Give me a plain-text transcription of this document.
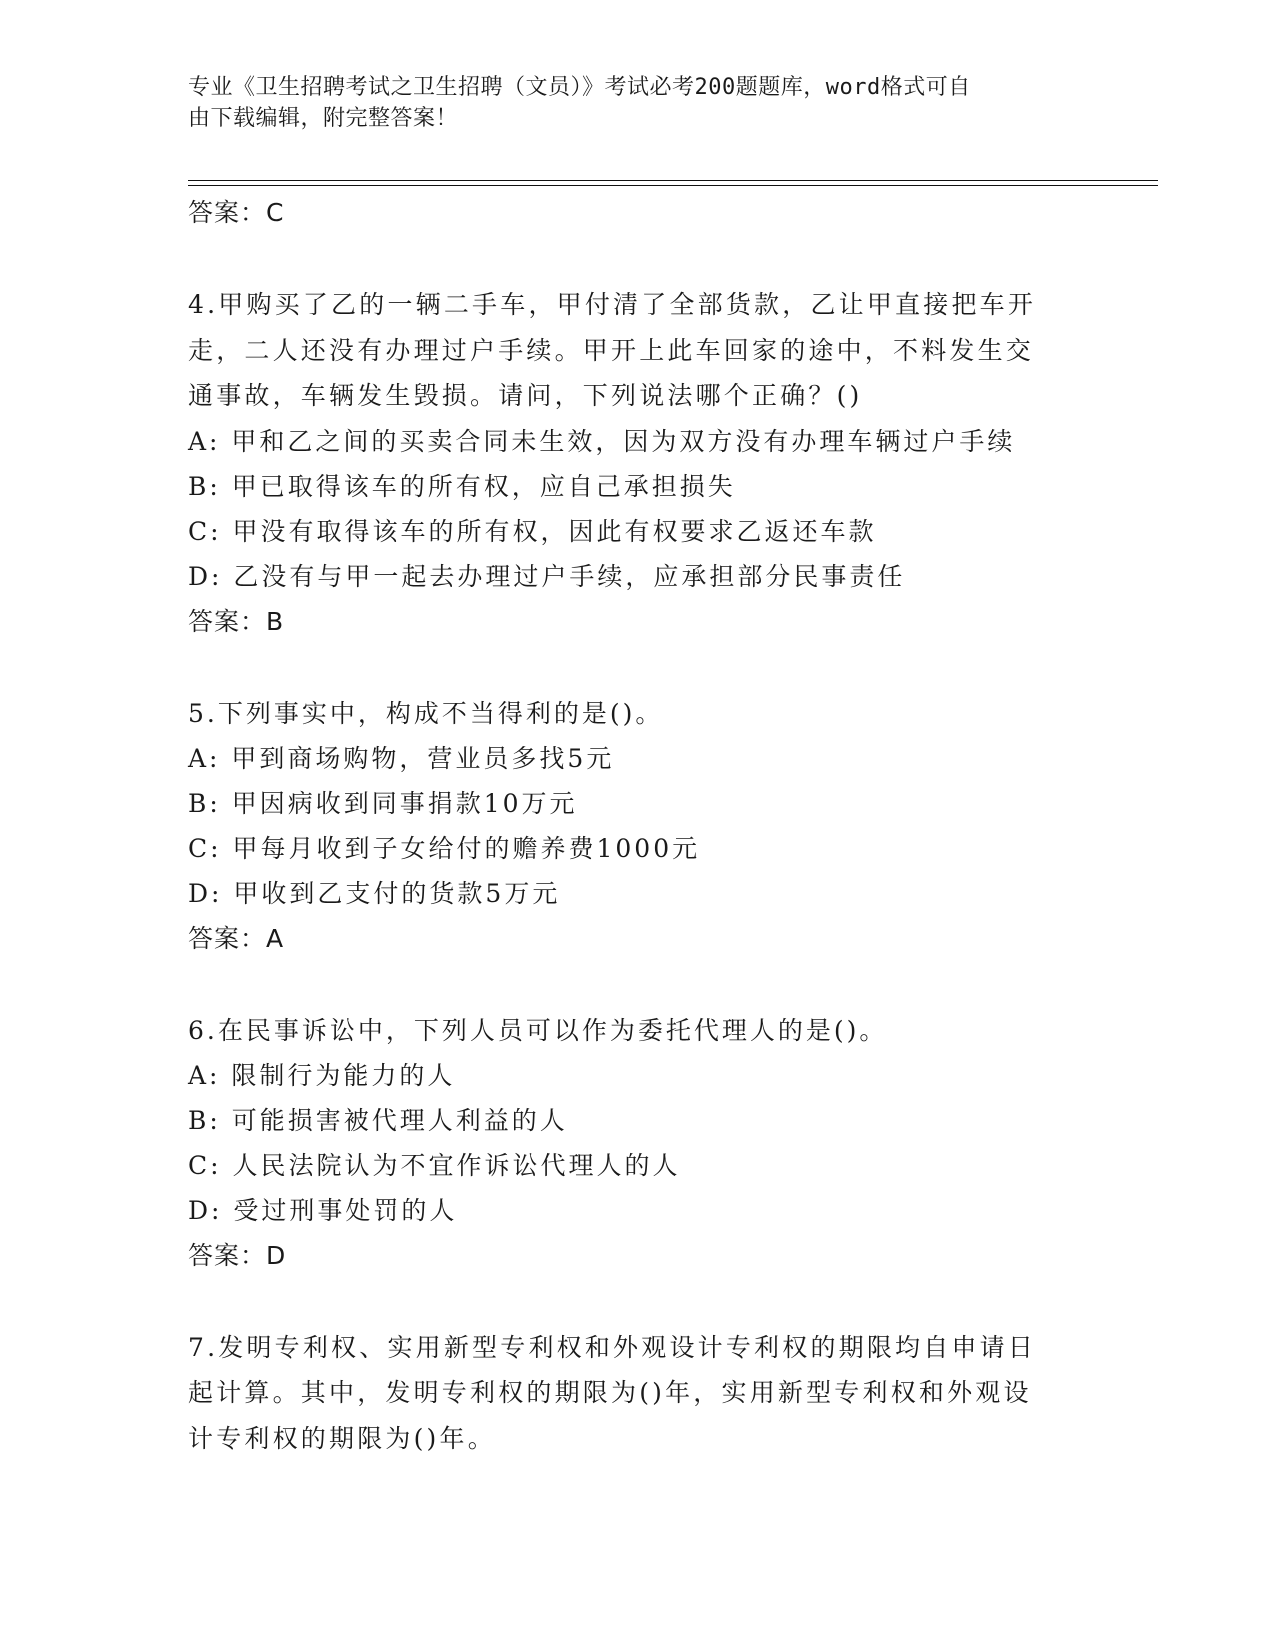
专业《卫生招聘考试之卫生招聘（文员）》考试必考200题题库，word格式可自
由下载编辑，附完整答案！
答案：C
4.甲购买了乙的一辆二手车，甲付清了全部货款，乙让甲直接把车开
走，二人还没有办理过户手续。甲开上此车回家的途中，不料发生交
通事故，车辆发生毁损。请问，下列说法哪个正确？()
A: 甲和乙之间的买卖合同未生效，因为双方没有办理车辆过户手续
B: 甲已取得该车的所有权，应自己承担损失
C: 甲没有取得该车的所有权，因此有权要求乙返还车款
D: 乙没有与甲一起去办理过户手续，应承担部分民事责任
答案：B
5.下列事实中，构成不当得利的是()。
A: 甲到商场购物，营业员多找5元
B: 甲因病收到同事捐款10万元
C: 甲每月收到子女给付的赡养费1000元
D: 甲收到乙支付的货款5万元
答案：A
6.在民事诉讼中，下列人员可以作为委托代理人的是()。
A: 限制行为能力的人
B: 可能损害被代理人利益的人
C: 人民法院认为不宜作诉讼代理人的人
D: 受过刑事处罚的人
答案：D
7.发明专利权、实用新型专利权和外观设计专利权的期限均自申请日
起计算。其中，发明专利权的期限为()年，实用新型专利权和外观设
计专利权的期限为()年。
